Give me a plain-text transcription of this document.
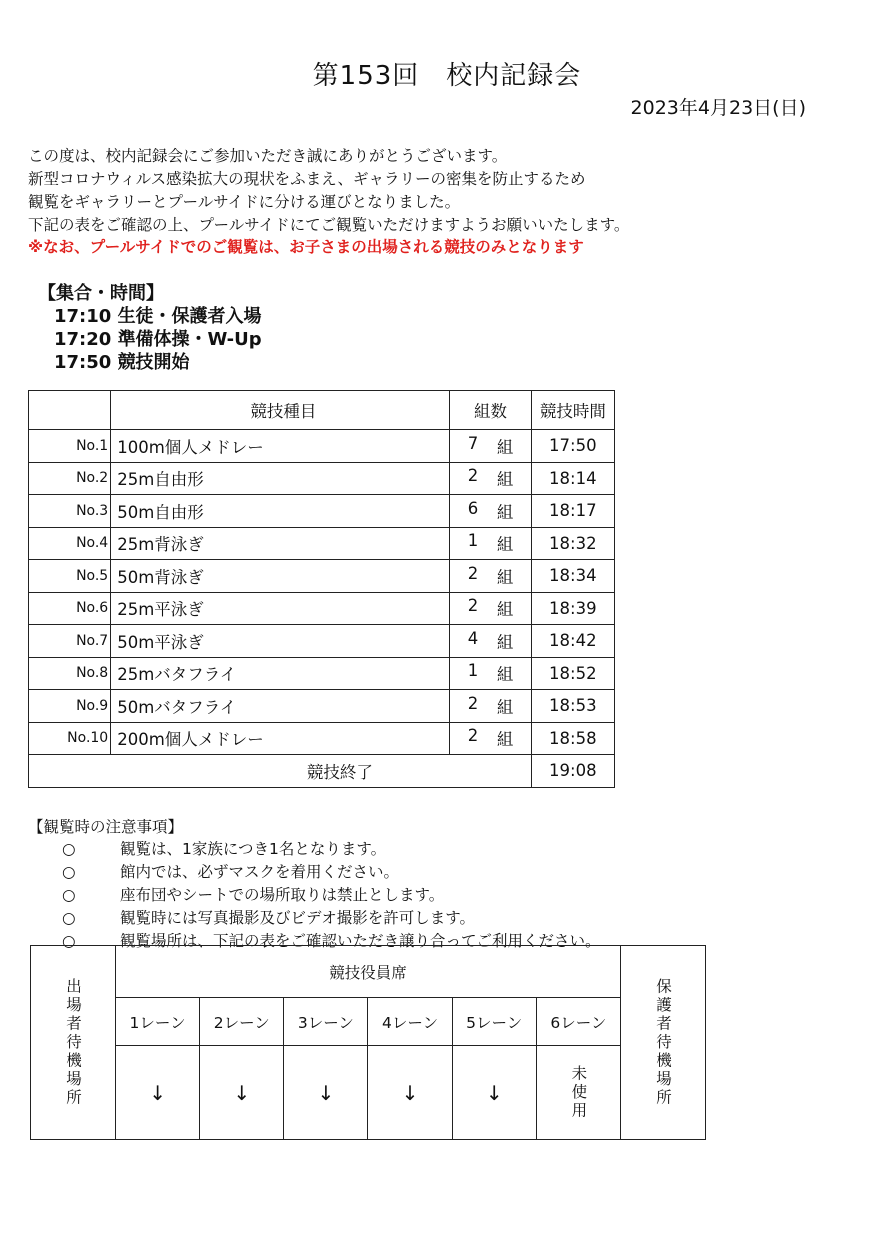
第153回　校内記録会
2023年4月23日(日)
この度は、校内記録会にご参加いただき誠にありがとうございます。
新型コロナウィルス感染拡大の現状をふまえ、ギャラリーの密集を防止するため
観覧をギャラリーとプールサイドに分ける運びとなりました。
下記の表をご確認の上、プールサイドにてご観覧いただけますようお願いいたします。
※なお、プールサイドでのご観覧は、お子さまの出場される競技のみとなります
【集合・時間】
17:10 生徒・保護者入場
17:20 準備体操・W-Up
17:50 競技開始
	競技種目	組数	競技時間
No.1	100m個人メドレー	7 組	17:50
No.2	25m自由形	2 組	18:14
No.3	50m自由形	6 組	18:17
No.4	25m背泳ぎ	1 組	18:32
No.5	50m背泳ぎ	2 組	18:34
No.6	25m平泳ぎ	2 組	18:39
No.7	50m平泳ぎ	4 組	18:42
No.8	25mバタフライ	1 組	18:52
No.9	50mバタフライ	2 組	18:53
No.10	200m個人メドレー	2 組	18:58
競技終了			19:08
【観覧時の注意事項】
○	観覧は、1家族につき1名となります。
○	館内では、必ずマスクを着用ください。
○	座布団やシートでの場所取りは禁止とします。
○	観覧時には写真撮影及びビデオ撮影を許可します。
○	観覧場所は、下記の表をご確認いただき譲り合ってご利用ください。
出場者待機場所	競技役員席						保護者待機場所

	1レーン	2レーン	3レーン	4レーン	5レーン	6レーン	
	↓	↓	↓	↓	↓	未使用	
